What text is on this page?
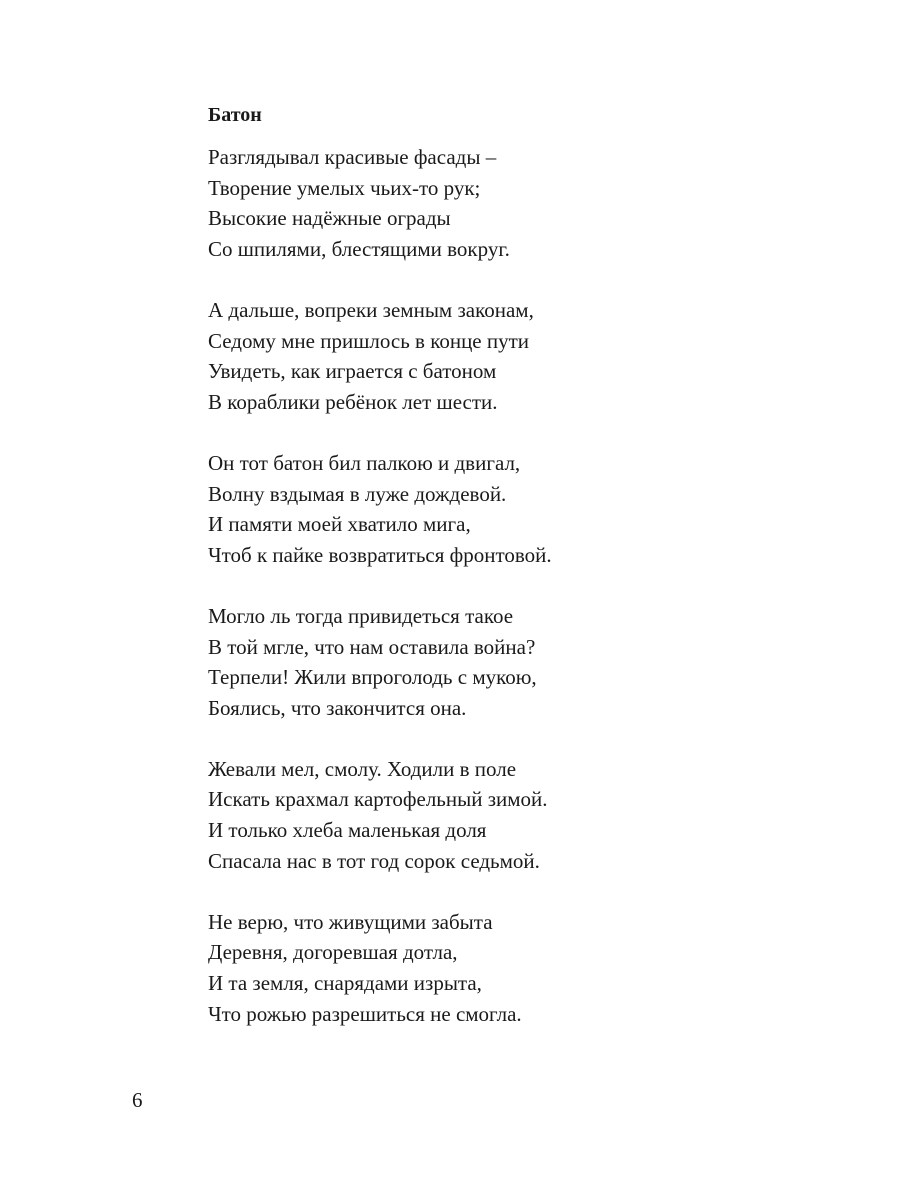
Батон
Разглядывал красивые фасады –
Творение умелых чьих-то рук;
Высокие надёжные ограды
Со шпилями, блестящими вокруг.
А дальше, вопреки земным законам,
Седому мне пришлось в конце пути
Увидеть, как играется с батоном
В кораблики ребёнок лет шести.
Он тот батон бил палкою и двигал,
Волну вздымая в луже дождевой.
И памяти моей хватило мига,
Чтоб к пайке возвратиться фронтовой.
Могло ль тогда привидеться такое
В той мгле, что нам оставила война?
Терпели! Жили впроголодь с мукою,
Боялись, что закончится она.
Жевали мел, смолу. Ходили в поле
Искать крахмал картофельный зимой.
И только хлеба маленькая доля
Спасала нас в тот год сорок седьмой.
Не верю, что живущими забыта
Деревня, догоревшая дотла,
И та земля, снарядами изрыта,
Что рожью разрешиться не смогла.
6
